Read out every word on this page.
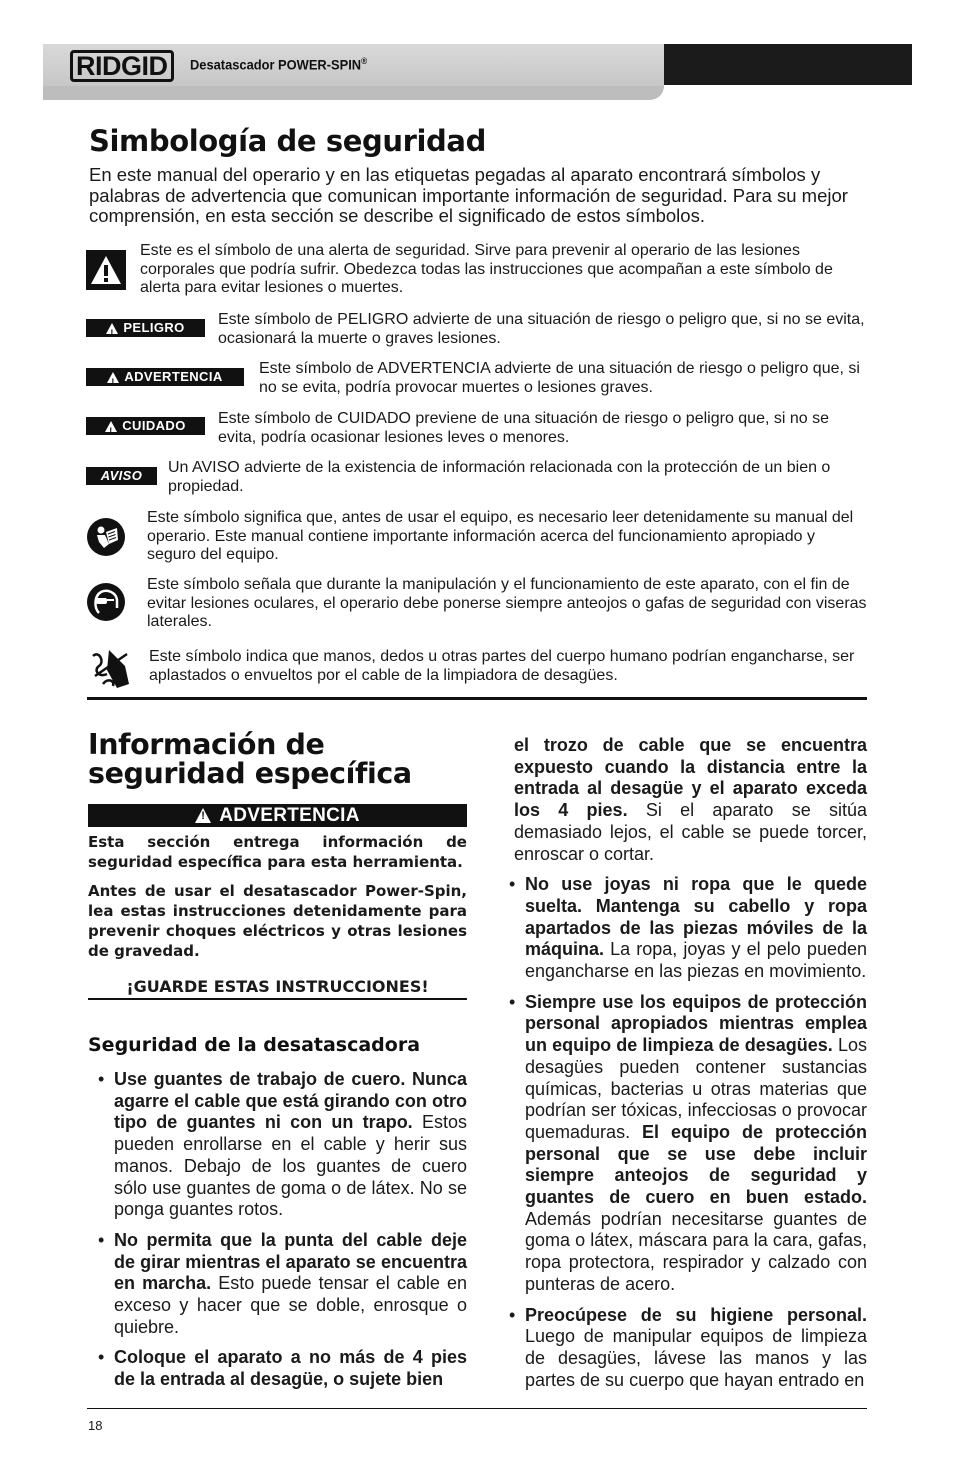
RIDGID	Desatascador POWER-SPIN®
Simbología de seguridad

En este manual del operario y en las etiquetas pegadas al aparato encontrará símbolos y palabras de advertencia que comunican importante información de seguridad. Para su mejor comprensión, en esta sección se describe el significado de estos símbolos.

Este es el símbolo de una alerta de seguridad. Sirve para prevenir al operario de las lesiones corporales que podría sufrir. Obedezca todas las instrucciones que acompañan a este símbolo de alerta para evitar lesiones o muertes.

!
PELIGRO Este símbolo de PELIGRO advierte de una situación de riesgo o peligro que, si no se evita, ocasionará la muerte o graves lesiones.

!
ADVERTENCIA Este símbolo de ADVERTENCIA advierte de una situación de riesgo o peligro que, si no se evita, podría provocar muertes o lesiones graves.

!
CUIDADO Este símbolo de CUIDADO previene de una situación de riesgo o peligro que, si no se evita, podría ocasionar lesiones leves o menores.

AVISO	Un AVISO advierte de la existencia de información relacionada con la protección de un bien o propiedad.

Este símbolo significa que, antes de usar el equipo, es necesario leer detenidamente su manual del operario. Este manual contiene importante información acerca del funcionamiento apropiado y seguro del equipo.

Este símbolo señala que durante la manipulación y el funcionamiento de este aparato, con el fin de evitar lesiones oculares, el operario debe ponerse siempre anteojos o gafas de seguridad con viseras laterales.

Este símbolo indica que manos, dedos u otras partes del cuerpo humano podrían engancharse, ser aplastados o envueltos por el cable de la limpiadora de desagües.

Información de
seguridad específica
!
ADVERTENCIA

Esta sección entrega información de seguridad específica para esta herramienta.

Antes de usar el desatascador Power-Spin, lea estas instrucciones detenidamente para prevenir choques eléctricos y otras lesiones de gravedad.

¡GUARDE ESTAS INSTRUCCIONES!
Seguridad de la desatascadora
• Use guantes de trabajo de cuero. Nunca agarre el cable que está girando con otro tipo de guantes ni con un trapo. Estos pueden enrollarse en el cable y herir sus manos. Debajo de los guantes de cuero sólo use guantes de goma o de látex. No se ponga guantes rotos.
• No permita que la punta del cable deje de girar mientras el aparato se encuentra en marcha. Esto puede tensar el cable en exceso y hacer que se doble, enrosque o quiebre.
• Coloque el aparato a no más de 4 pies de la entrada al desagüe, o sujete bien

el trozo de cable que se encuentra expuesto cuando la distancia entre la entrada al desagüe y el aparato exceda los 4 pies. Si el aparato se sitúa demasiado lejos, el cable se puede torcer, enroscar o cortar.

• No use joyas ni ropa que le quede suelta. Mantenga su cabello y ropa apartados de las piezas móviles de la máquina. La ropa, joyas y el pelo pueden engancharse en las piezas en movimiento.
• Siempre use los equipos de protección personal apropiados mientras emplea un equipo de limpieza de desagües. Los desagües pueden contener sustancias químicas, bacterias u otras materias que podrían ser tóxicas, infecciosas o provocar quemaduras. El equipo de protección personal que se use debe incluir siempre anteojos de seguridad y guantes de cuero en buen estado. Además podrían necesitarse guantes de goma o látex, máscara para la cara, gafas, ropa protectora, respirador y calzado con punteras de acero.
• Preocúpese de su higiene personal. Luego de manipular equipos de limpieza de desagües, lávese las manos y las partes de su cuerpo que hayan entrado en
18
